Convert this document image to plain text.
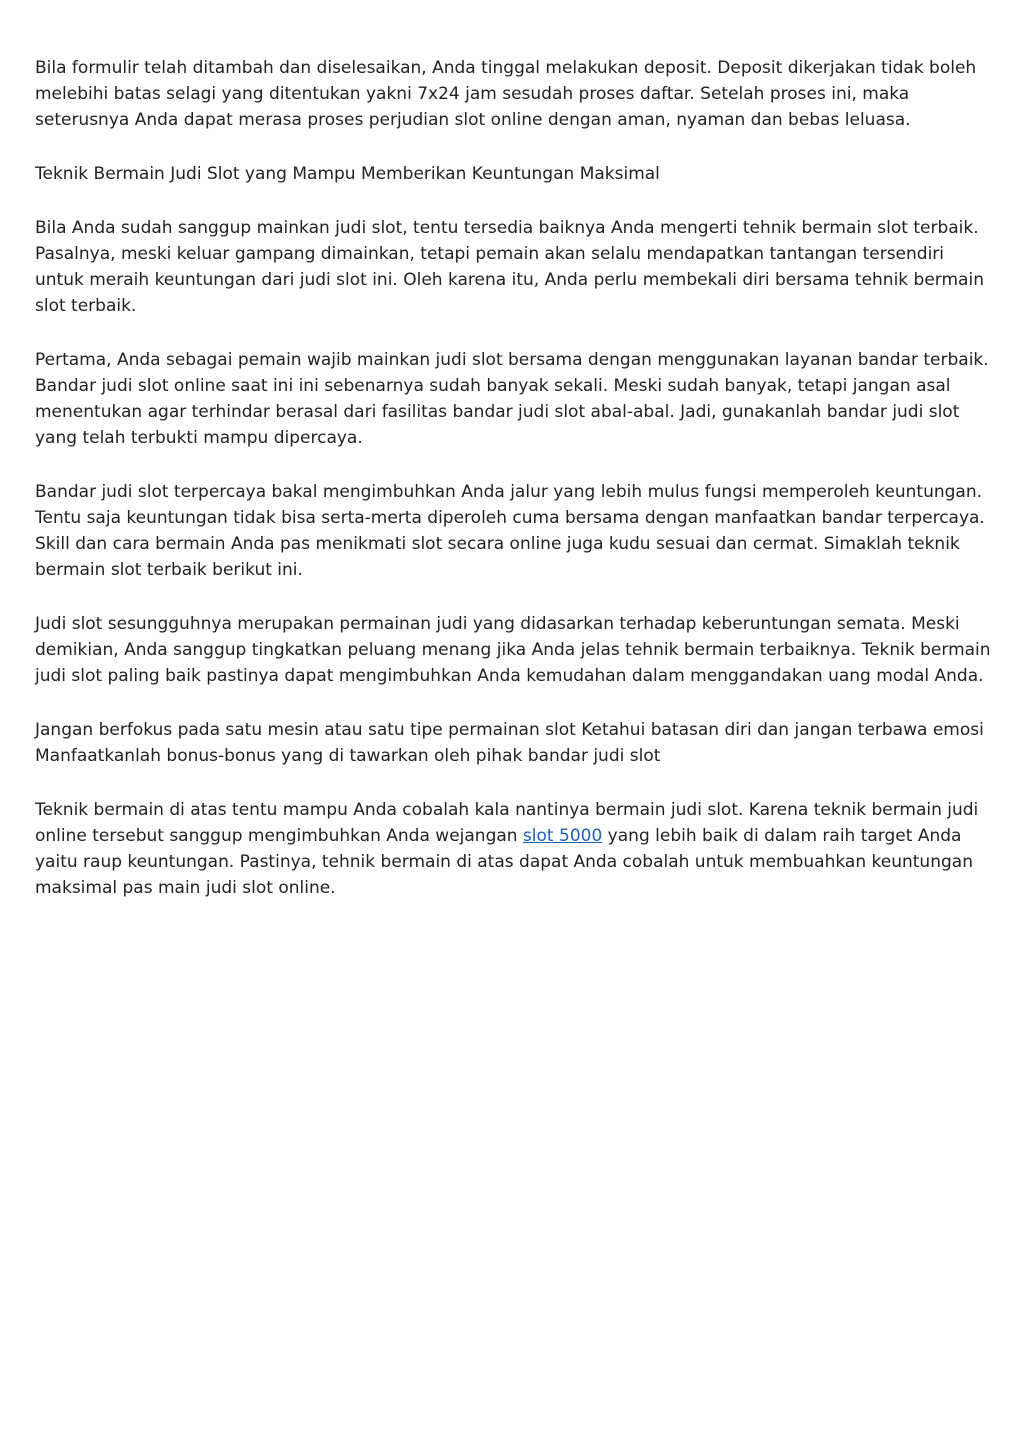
Bila formulir telah ditambah dan diselesaikan, Anda tinggal melakukan deposit. Deposit dikerjakan tidak boleh melebihi batas selagi yang ditentukan yakni 7x24 jam sesudah proses daftar. Setelah proses ini, maka seterusnya Anda dapat merasa proses perjudian slot online dengan aman, nyaman dan bebas leluasa.

Teknik Bermain Judi Slot yang Mampu Memberikan Keuntungan Maksimal

Bila Anda sudah sanggup mainkan judi slot, tentu tersedia baiknya Anda mengerti tehnik bermain slot terbaik. Pasalnya, meski keluar gampang dimainkan, tetapi pemain akan selalu mendapatkan tantangan tersendiri untuk meraih keuntungan dari judi slot ini. Oleh karena itu, Anda perlu membekali diri bersama tehnik bermain slot terbaik.

Pertama, Anda sebagai pemain wajib mainkan judi slot bersama dengan menggunakan layanan bandar terbaik. Bandar judi slot online saat ini ini sebenarnya sudah banyak sekali. Meski sudah banyak, tetapi jangan asal menentukan agar terhindar berasal dari fasilitas bandar judi slot abal-abal. Jadi, gunakanlah bandar judi slot yang telah terbukti mampu dipercaya.

Bandar judi slot terpercaya bakal mengimbuhkan Anda jalur yang lebih mulus fungsi memperoleh keuntungan. Tentu saja keuntungan tidak bisa serta-merta diperoleh cuma bersama dengan manfaatkan bandar terpercaya. Skill dan cara bermain Anda pas menikmati slot secara online juga kudu sesuai dan cermat. Simaklah teknik bermain slot terbaik berikut ini.

Judi slot sesungguhnya merupakan permainan judi yang didasarkan terhadap keberuntungan semata. Meski demikian, Anda sanggup tingkatkan peluang menang jika Anda jelas tehnik bermain terbaiknya. Teknik bermain judi slot paling baik pastinya dapat mengimbuhkan Anda kemudahan dalam menggandakan uang modal Anda.

Jangan berfokus pada satu mesin atau satu tipe permainan slot Ketahui batasan diri dan jangan terbawa emosi Manfaatkanlah bonus-bonus yang di tawarkan oleh pihak bandar judi slot

Teknik bermain di atas tentu mampu Anda cobalah kala nantinya bermain judi slot. Karena teknik bermain judi online tersebut sanggup mengimbuhkan Anda wejangan slot 5000 yang lebih baik di dalam raih target Anda yaitu raup keuntungan. Pastinya, tehnik bermain di atas dapat Anda cobalah untuk membuahkan keuntungan maksimal pas main judi slot online.
